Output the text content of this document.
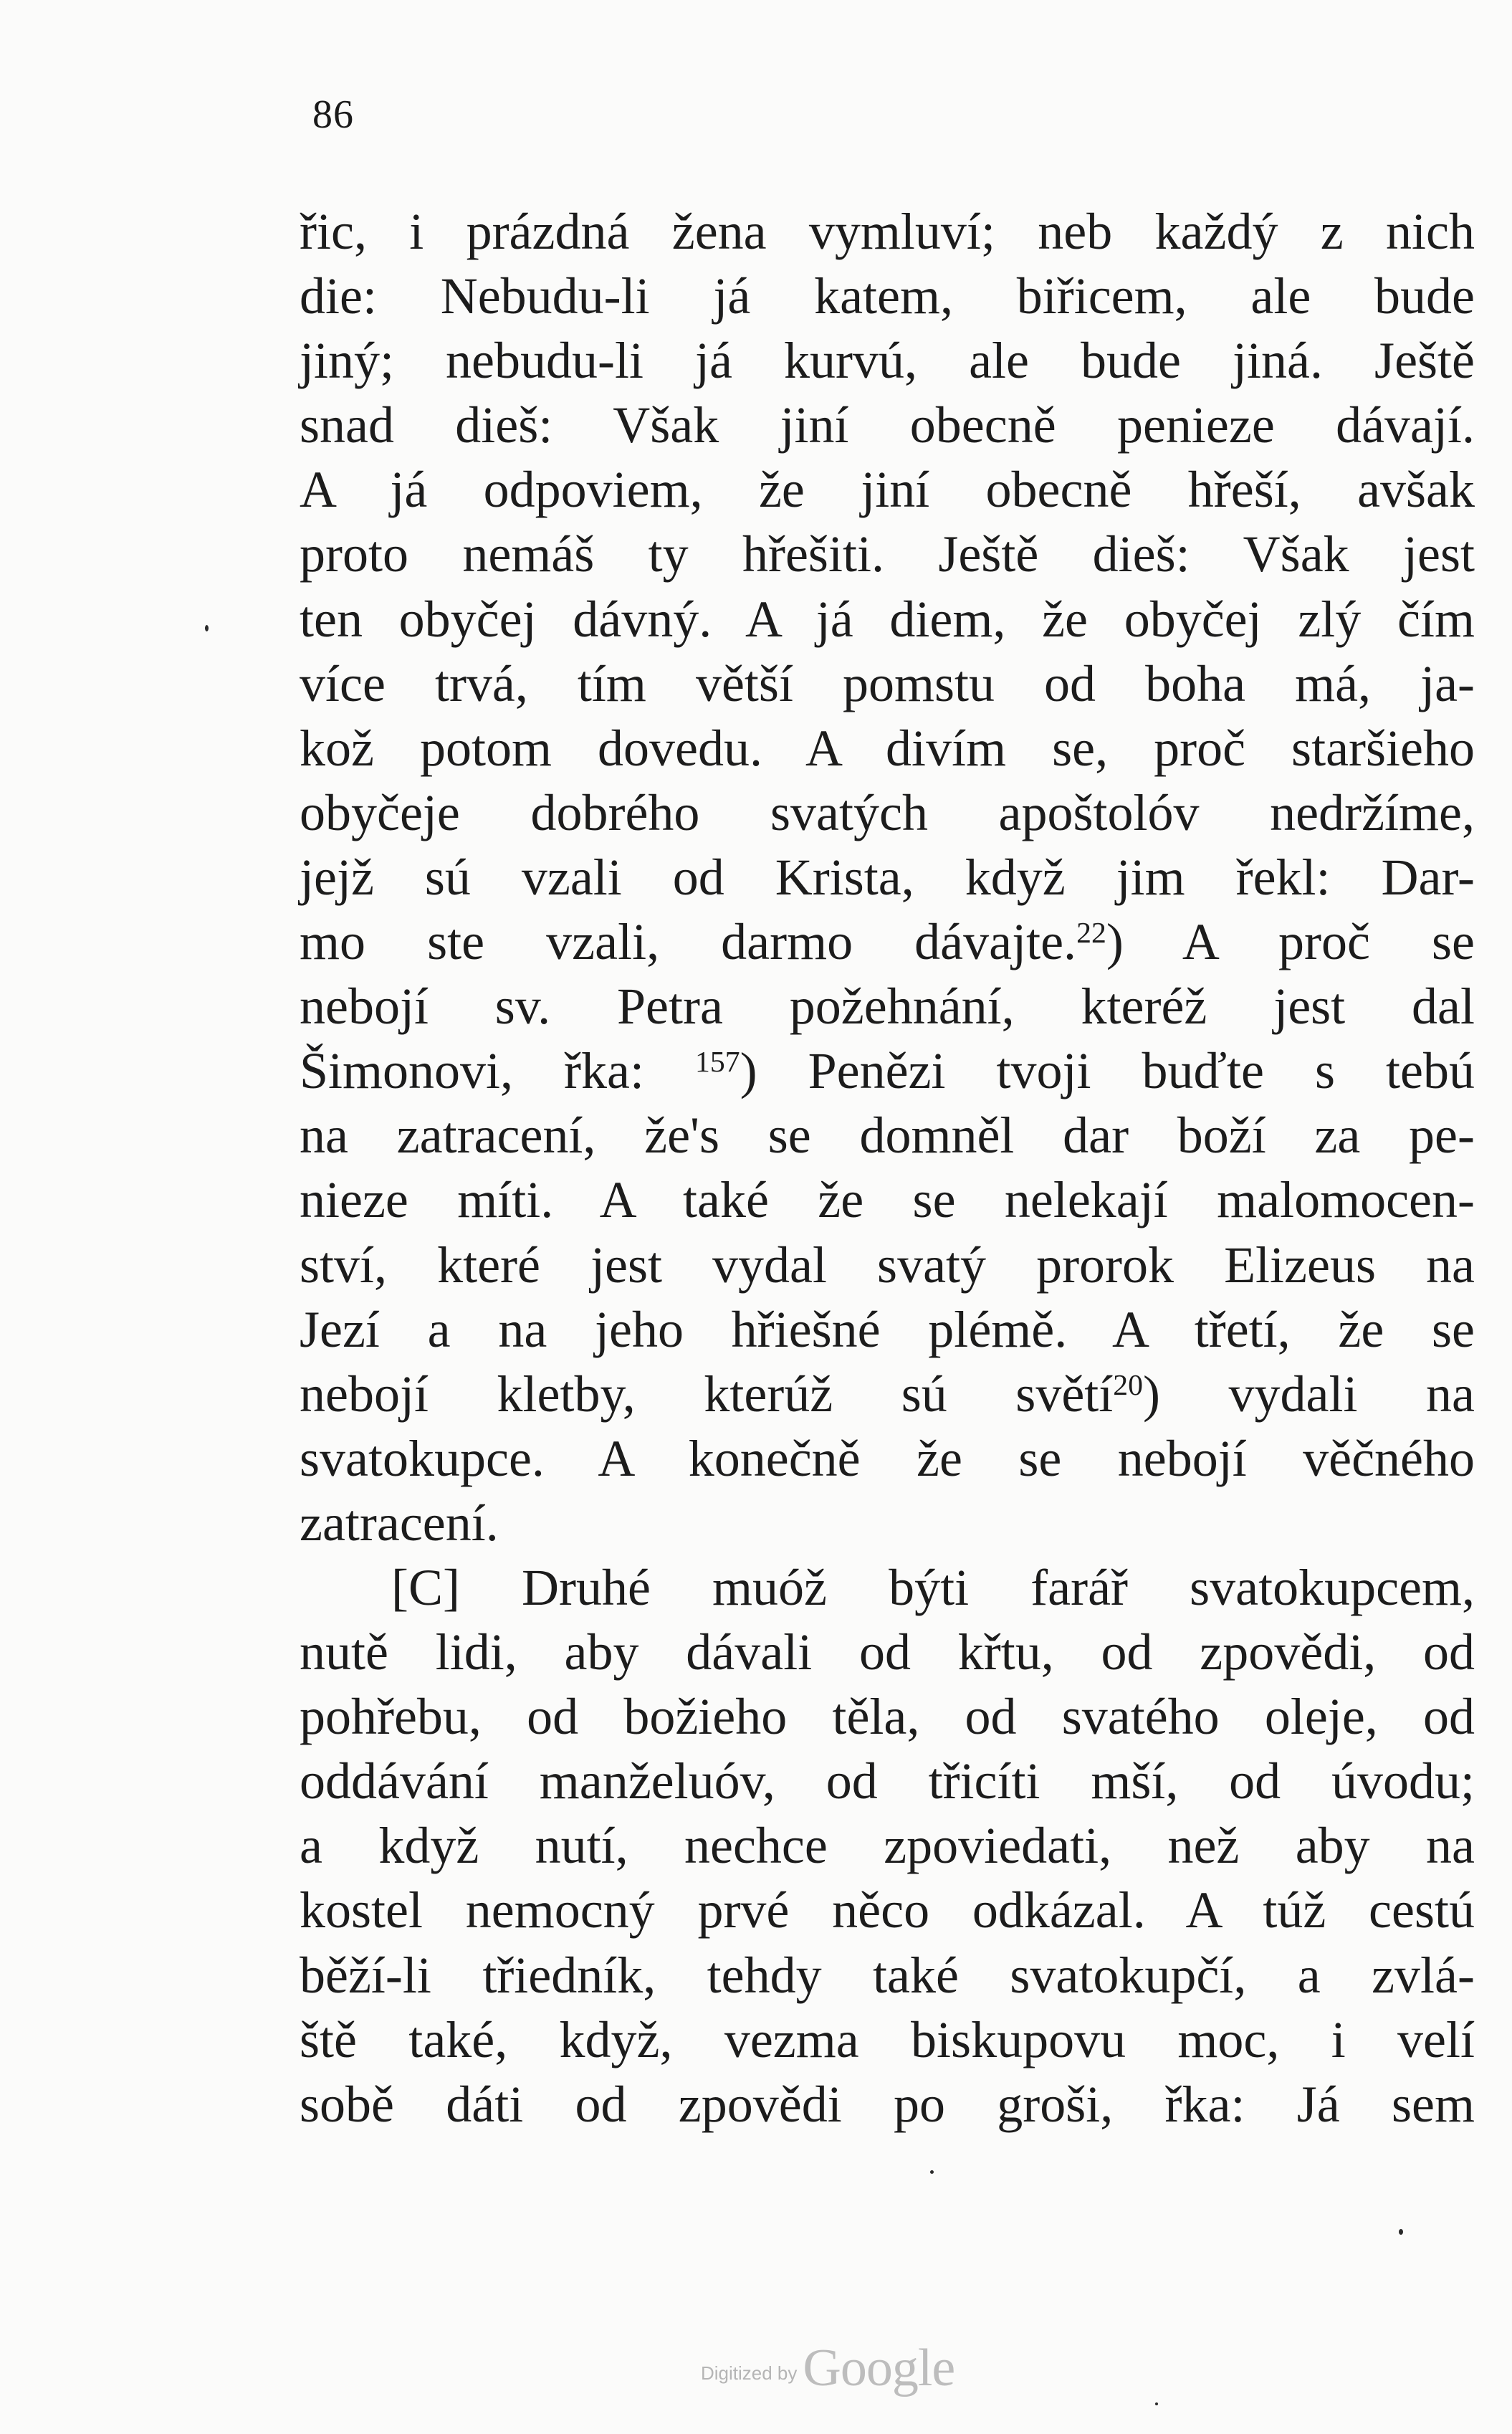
86
řic, i prázdná žena vymluví; neb každý z nich
die: Nebudu-li já katem, biřicem, ale bude
jiný; nebudu-li já kurvú, ale bude jiná. Ještě
snad dieš: Však jiní obecně penieze dávají.
A já odpoviem, že jiní obecně hřeší, avšak
proto nemáš ty hřešiti. Ještě dieš: Však jest
ten obyčej dávný. A já diem, že obyčej zlý čím
více trvá, tím větší pomstu od boha má, ja-
kož potom dovedu. A divím se, proč staršieho
obyčeje dobrého svatých apoštolóv nedržíme,
jejž sú vzali od Krista, když jim řekl: Dar-
mo ste vzali, darmo dávajte.$^{22}$) A proč se
nebojí sv. Petra požehnání, kteréž jest dal
Šimonovi, řka: $^{157}$) Penězi tvoji buďte s tebú
na zatracení, že's se domněl dar boží za pe-
nieze míti. A také že se nelekají malomocen-
ství, které jest vydal svatý prorok Elizeus na
Jezí a na jeho hřiešné plémě. A třetí, že se
nebojí kletby, kterúž sú světí$^{20}$) vydali na
svatokupce. A konečně že se nebojí věčného
zatracení.
[C] Druhé muóž býti farář svatokupcem,
nutě lidi, aby dávali od křtu, od zpovědi, od
pohřebu, od božieho těla, od svatého oleje, od
oddávání manželuóv, od třicíti mší, od úvodu;
a když nutí, nechce zpoviedati, než aby na
kostel nemocný prvé něco odkázal. A túž cestú
běží-li třiedník, tehdy také svatokupčí, a zvlá-
ště také, když, vezma biskupovu moc, i velí
sobě dáti od zpovědi po groši, řka: Já sem
Digitized by Google
